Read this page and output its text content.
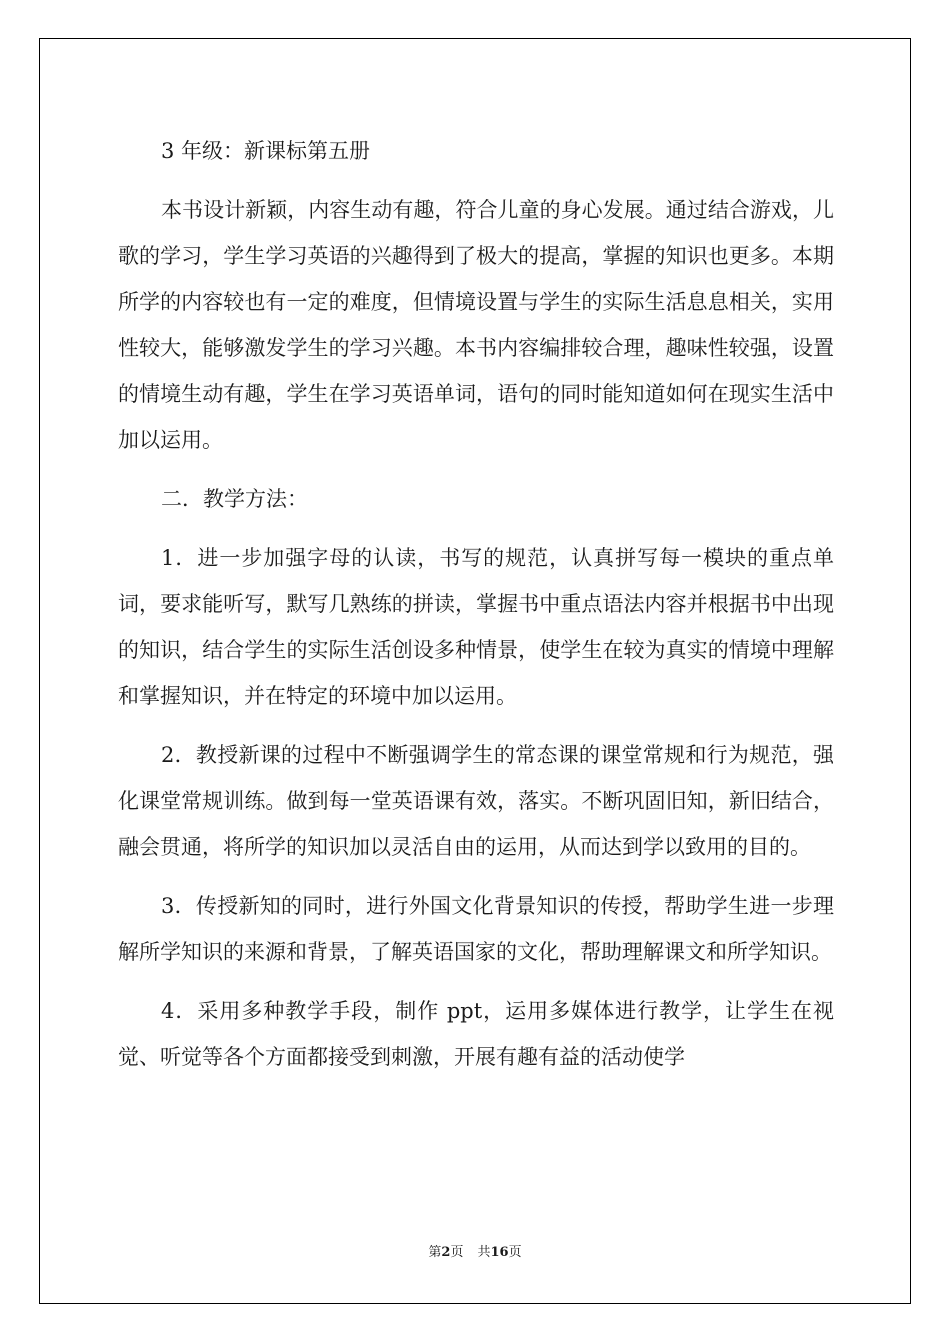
3 年级：新课标第五册

本书设计新颖，内容生动有趣，符合儿童的身心发展。通过结合游戏，儿歌的学习，学生学习英语的兴趣得到了极大的提高，掌握的知识也更多。本期所学的内容较也有一定的难度，但情境设置与学生的实际生活息息相关，实用性较大，能够激发学生的学习兴趣。本书内容编排较合理，趣味性较强，设置的情境生动有趣，学生在学习英语单词，语句的同时能知道如何在现实生活中加以运用。

二．教学方法：

1．进一步加强字母的认读，书写的规范，认真拼写每一模块的重点单词，要求能听写，默写几熟练的拼读，掌握书中重点语法内容并根据书中出现的知识，结合学生的实际生活创设多种情景，使学生在较为真实的情境中理解和掌握知识，并在特定的环境中加以运用。

2．教授新课的过程中不断强调学生的常态课的课堂常规和行为规范，强化课堂常规训练。做到每一堂英语课有效，落实。不断巩固旧知，新旧结合，融会贯通，将所学的知识加以灵活自由的运用，从而达到学以致用的目的。

3．传授新知的同时，进行外国文化背景知识的传授，帮助学生进一步理解所学知识的来源和背景，了解英语国家的文化，帮助理解课文和所学知识。

4．采用多种教学手段，制作 ppt，运用多媒体进行教学，让学生在视觉、听觉等各个方面都接受到刺激，开展有趣有益的活动使学

第2页 共16页
